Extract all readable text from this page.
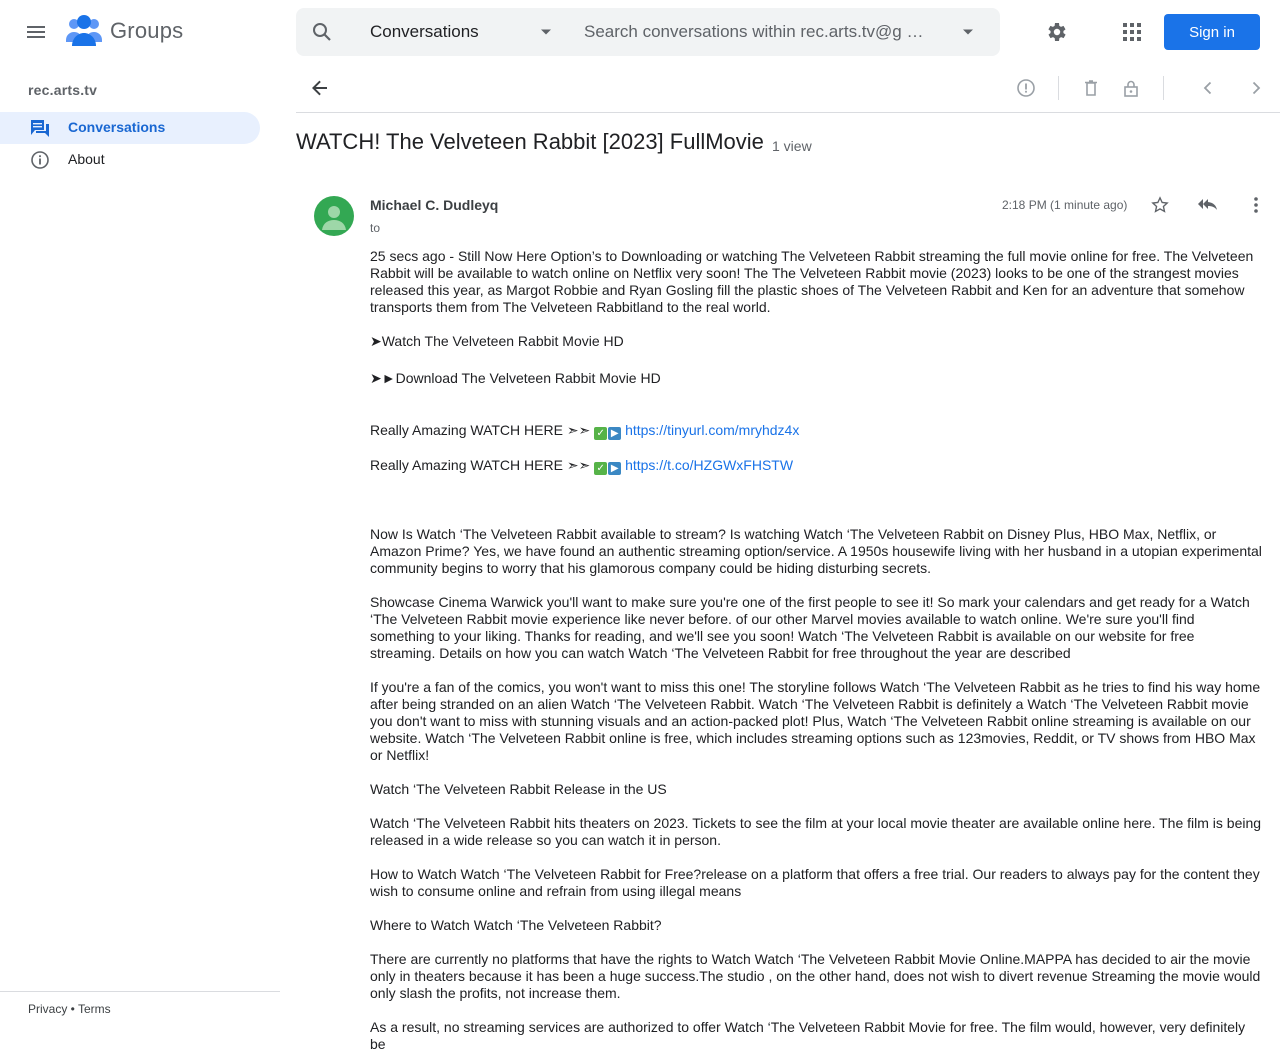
Groups	Conversations
Search conversations within rec.arts.tv@g …	Sign in
rec.arts.tv
Conversations
About
Privacy • Terms
WATCH! The Velveteen Rabbit [2023] FullMovie 1 view
Michael C. Dudleyq
to
2:18 PM (1 minute ago)

25 secs ago - Still Now Here Option’s to Downloading or watching The Velveteen Rabbit streaming the full movie online for free. The Velveteen Rabbit will be available to watch online on Netflix very soon! The The Velveteen Rabbit movie (2023) looks to be one of the strangest movies released this year, as Margot Robbie and Ryan Gosling fill the plastic shoes of The Velveteen Rabbit and Ken for an adventure that somehow transports them from The Velveteen Rabbitland to the real world.

➤Watch The Velveteen Rabbit Movie HD

➤►Download The Velveteen Rabbit Movie HD

Really Amazing WATCH HERE ➣➣ ✓ ▶ https://tinyurl.com/mryhdz4x

Really Amazing WATCH HERE ➣➣ ✓ ▶ https://t.co/HZGWxFHSTW

Now Is Watch ‘The Velveteen Rabbit available to stream? Is watching Watch ‘The Velveteen Rabbit on Disney Plus, HBO Max, Netflix, or Amazon Prime? Yes, we have found an authentic streaming option/service. A 1950s housewife living with her husband in a utopian experimental community begins to worry that his glamorous company could be hiding disturbing secrets.

Showcase Cinema Warwick you'll want to make sure you're one of the first people to see it! So mark your calendars and get ready for a Watch ‘The Velveteen Rabbit movie experience like never before. of our other Marvel movies available to watch online. We're sure you'll find something to your liking. Thanks for reading, and we'll see you soon! Watch ‘The Velveteen Rabbit is available on our website for free streaming. Details on how you can watch Watch ‘The Velveteen Rabbit for free throughout the year are described

If you're a fan of the comics, you won't want to miss this one! The storyline follows Watch ‘The Velveteen Rabbit as he tries to find his way home after being stranded on an alien Watch ‘The Velveteen Rabbit. Watch ‘The Velveteen Rabbit is definitely a Watch ‘The Velveteen Rabbit movie you don't want to miss with stunning visuals and an action-packed plot! Plus, Watch ‘The Velveteen Rabbit online streaming is available on our website. Watch ‘The Velveteen Rabbit online is free, which includes streaming options such as 123movies, Reddit, or TV shows from HBO Max or Netflix!

Watch ‘The Velveteen Rabbit Release in the US

Watch ‘The Velveteen Rabbit hits theaters on 2023. Tickets to see the film at your local movie theater are available online here. The film is being released in a wide release so you can watch it in person.

How to Watch Watch ‘The Velveteen Rabbit for Free?release on a platform that offers a free trial. Our readers to always pay for the content they wish to consume online and refrain from using illegal means

Where to Watch Watch ‘The Velveteen Rabbit?

There are currently no platforms that have the rights to Watch Watch ‘The Velveteen Rabbit Movie Online.MAPPA has decided to air the movie only in theaters because it has been a huge success.The studio , on the other hand, does not wish to divert revenue Streaming the movie would only slash the profits, not increase them.

As a result, no streaming services are authorized to offer Watch ‘The Velveteen Rabbit Movie for free. The film would, however, very definitely be
